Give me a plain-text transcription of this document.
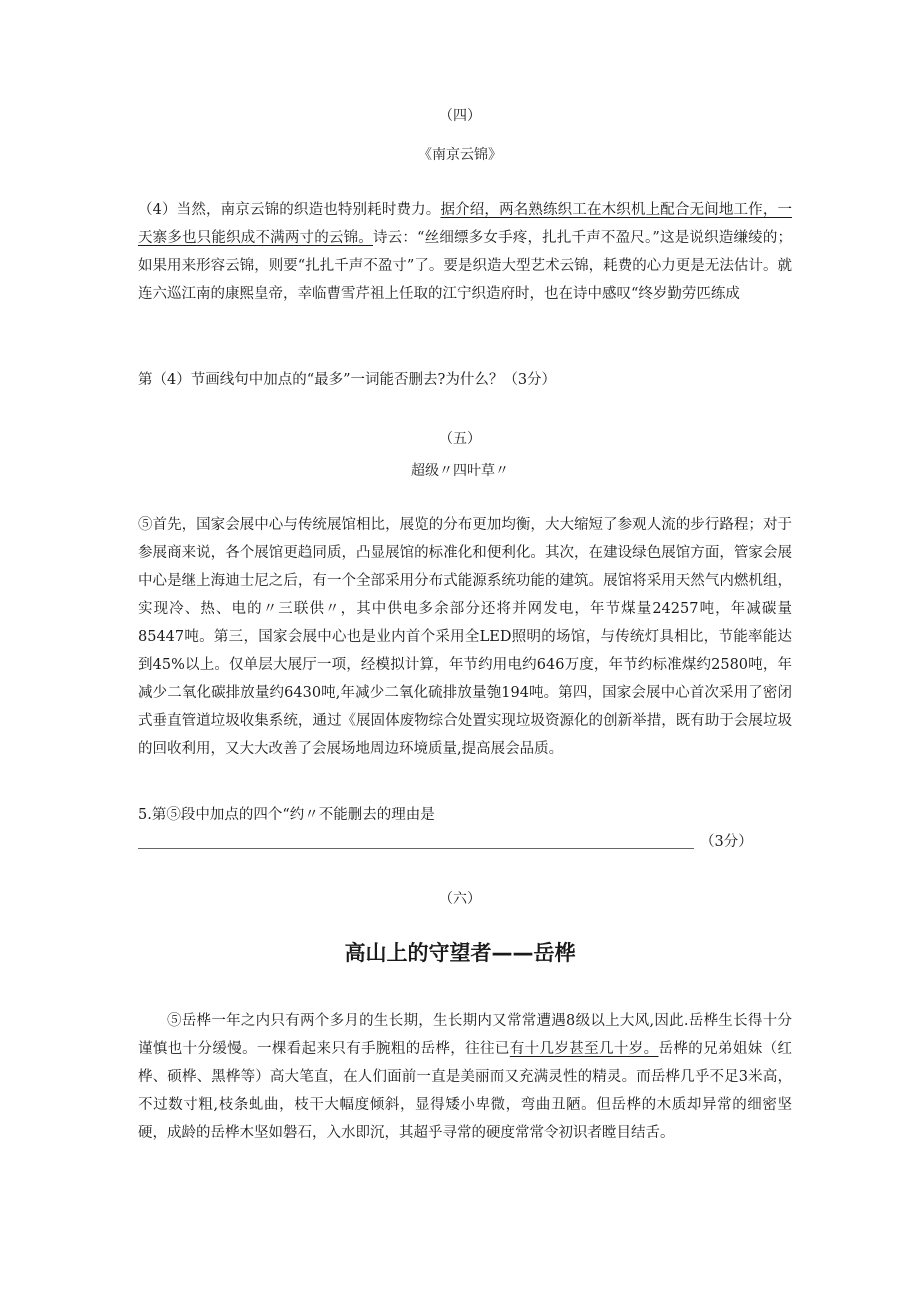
（四）
《南京云锦》
（4）当然，南京云锦的织造也特别耗时费力。据介绍，两名熟练织工在木织机上配合无间地工作，一天寨多也只能织成不满两寸的云锦。诗云：“丝细缥多女手疼，扎扎千声不盈尺。”这是说织造缣绫的；如果用来形容云锦，则要“扎扎千声不盈寸”了。要是织造大型艺术云锦，耗费的心力更是无法估计。就连六巡江南的康熙皇帝，幸临曹雪芹祖上任取的江宁织造府时，也在诗中感叹“终岁勤劳匹练成
第（4）节画线句中加点的“最多”一词能否删去?为什么？（3分）
（五）
超级〃四叶草〃
⑤首先，国家会展中心与传统展馆相比，展览的分布更加均衡，大大缩短了参观人流的步行路程；对于参展商来说，各个展馆更趋同质，凸显展馆的标准化和便利化。其次，在建设绿色展馆方面，管家会展中心是继上海迪士尼之后，有一个全部采用分布式能源系统功能的建筑。展馆将采用天然气内燃机组，实现冷、热、电的〃三联供〃，其中供电多余部分还将并网发电，年节煤量24257吨，年减碳量85447吨。第三，国家会展中心也是业内首个采用全LED照明的场馆，与传统灯具相比，节能率能达到45%以上。仅单层大展厅一项，经模拟计算，年节约用电约646万度，年节约标准煤约2580吨，年减少二氧化碳排放量约6430吨,年减少二氧化硫排放量匏194吨。第四，国家会展中心首次采用了密闭式垂直管道垃圾收集系统，通过《展固体废物综合处置实现垃圾资源化的创新举措，既有助于会展垃圾的回收利用，又大大改善了会展场地周边环境质量,提高展会品质。
5.第⑤段中加点的四个“约〃不能删去的理由是
（3分）
（六）
高山上的守望者——岳桦
⑤岳桦一年之内只有两个多月的生长期，生长期内又常常遭遇8级以上大风,因此.岳桦生长得十分谨慎也十分缓慢。一棵看起来只有手腕粗的岳桦，往往已有十几岁甚至几十岁。岳桦的兄弟姐妹（红桦、硕桦、黑桦等）高大笔直，在人们面前一直是美丽而又充满灵性的精灵。而岳桦几乎不足3米高，不过数寸粗,枝条虬曲，枝干大幅度倾斜，显得矮小卑微，弯曲丑陋。但岳桦的木质却异常的细密坚硬，成龄的岳桦木坚如磐石，入水即沉，其超乎寻常的硬度常常令初识者瞠目结舌。
